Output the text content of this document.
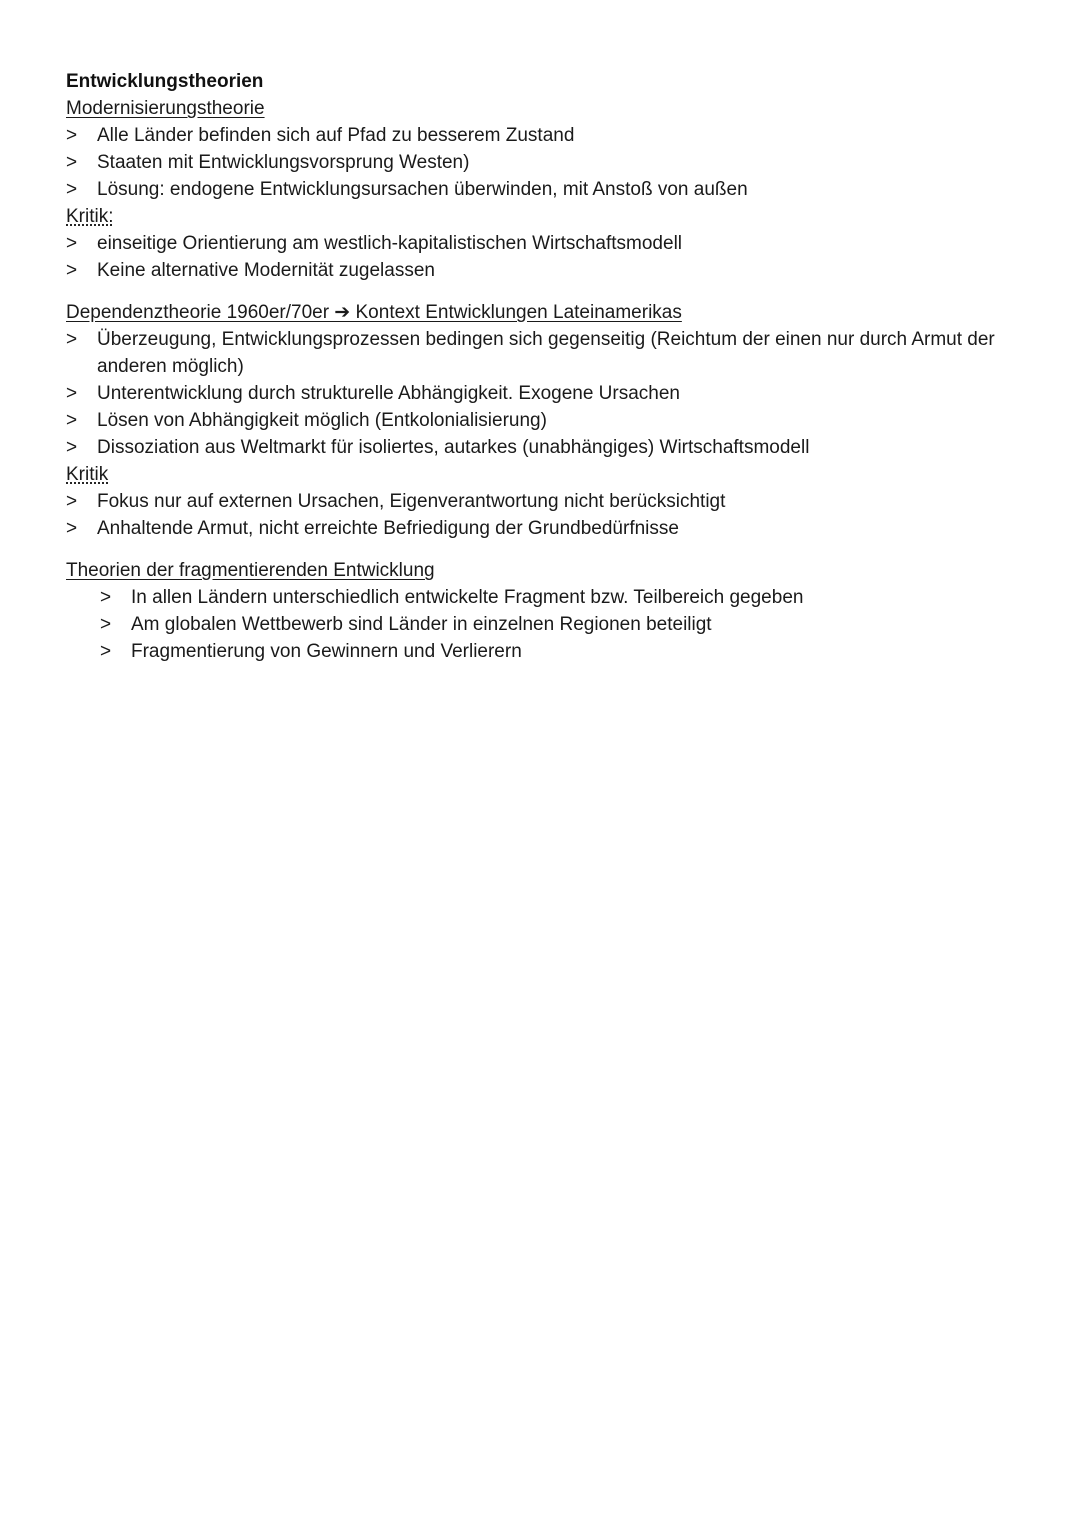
Entwicklungstheorien
Modernisierungstheorie
>	Alle Länder befinden sich auf Pfad zu besserem Zustand
>	Staaten mit Entwicklungsvorsprung Westen)
>	Lösung: endogene Entwicklungsursachen überwinden, mit Anstoß von außen
Kritik:
>	einseitige Orientierung am westlich-kapitalistischen Wirtschaftsmodell
>	Keine alternative Modernität zugelassen
Dependenztheorie 1960er/70er ➔ Kontext Entwicklungen Lateinamerikas
>	Überzeugung, Entwicklungsprozessen bedingen sich gegenseitig (Reichtum der einen nur durch Armut der anderen möglich)
>	Unterentwicklung durch strukturelle Abhängigkeit. Exogene Ursachen
>	Lösen von Abhängigkeit möglich (Entkolonialisierung)
>	Dissoziation aus Weltmarkt für isoliertes, autarkes (unabhängiges) Wirtschaftsmodell
Kritik
>	Fokus nur auf externen Ursachen, Eigenverantwortung nicht berücksichtigt
>	Anhaltende Armut, nicht erreichte Befriedigung der Grundbedürfnisse
Theorien der fragmentierenden Entwicklung
>	In allen Ländern unterschiedlich entwickelte Fragment bzw. Teilbereich gegeben
>	Am globalen Wettbewerb sind Länder in einzelnen Regionen beteiligt
>	Fragmentierung von Gewinnern und Verlierern
